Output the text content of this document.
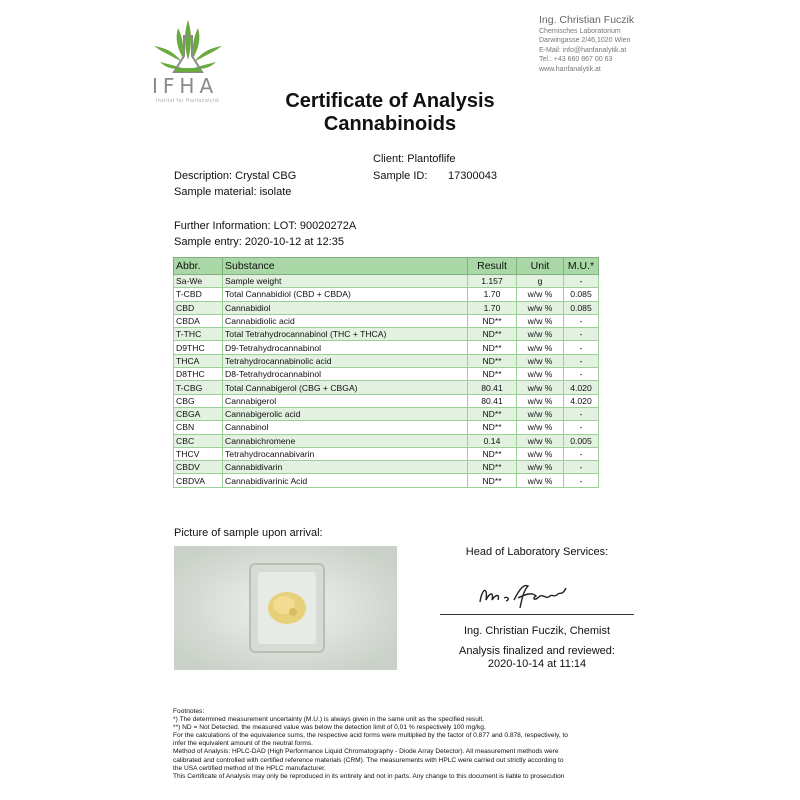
IFHA
Institut für Hanfanalytik
Ing. Christian Fuczik
Chemisches Laboratorium
Darwingasse 2/46,1020 Wien
E-Mail: info@hanfanalytik.at
Tel.: +43 660 867 00 63
www.hanfanalytik.at
Certificate of Analysis
Cannabinoids
Client: Plantoflife
Description: Crystal CBG	Sample ID: 17300043
Sample material: isolate
Further Information: LOT: 90020272A
Sample entry: 2020-10-12 at 12:35
Abbr.	Substance	Result	Unit	M.U.*
Sa-We	Sample weight	1.157	g	-
T-CBD	Total Cannabidiol (CBD + CBDA)	1.70	w/w %	0.085
CBD	Cannabidiol	1.70	w/w %	0.085
CBDA	Cannabidiolic acid	ND**	w/w %	-
T-THC	Total Tetrahydrocannabinol (THC + THCA)	ND**	w/w %	-
D9THC	D9-Tetrahydrocannabinol	ND**	w/w %	-
THCA	Tetrahydrocannabinolic acid	ND**	w/w %	-
D8THC	D8-Tetrahydrocannabinol	ND**	w/w %	-
T-CBG	Total Cannabigerol (CBG + CBGA)	80.41	w/w %	4.020
CBG	Cannabigerol	80.41	w/w %	4.020
CBGA	Cannabigerolic acid	ND**	w/w %	-
CBN	Cannabinol	ND**	w/w %	-
CBC	Cannabichromene	0.14	w/w %	0.005
THCV	Tetrahydrocannabivarin	ND**	w/w %	-
CBDV	Cannabidivarin	ND**	w/w %	-
CBDVA	Cannabidivarinic Acid	ND**	w/w %	-
Picture of sample upon arrival:
Head of Laboratory Services:
Ing. Christian Fuczik, Chemist
Analysis finalized and reviewed:
2020-10-14 at 11:14
Footnotes:
*) The determined measurement uncertainty (M.U.) is always given in the same unit as the specified result.
**) ND = Not Detected. the measured value was below the detection limit of 0,01 % respectively 100 mg/kg.
For the calculations of the equivalence sums, the respective acid forms were multiplied by the factor of 0.877 and 0.878, respectively, to
infer the equivalent amount of the neutral forms.
Method of Analysis: HPLC-DAD (High Performance Liquid Chromatography - Diode Array Detector). All measurement methods were
calibrated and controlled with certified reference materials (CRM). The measurements with HPLC were carried out strictly according to
the USA certified method of the HPLC manufacturer.
This Certificate of Analysis may only be reproduced in its entirety and not in parts. Any change to this document is liable to prosecution
